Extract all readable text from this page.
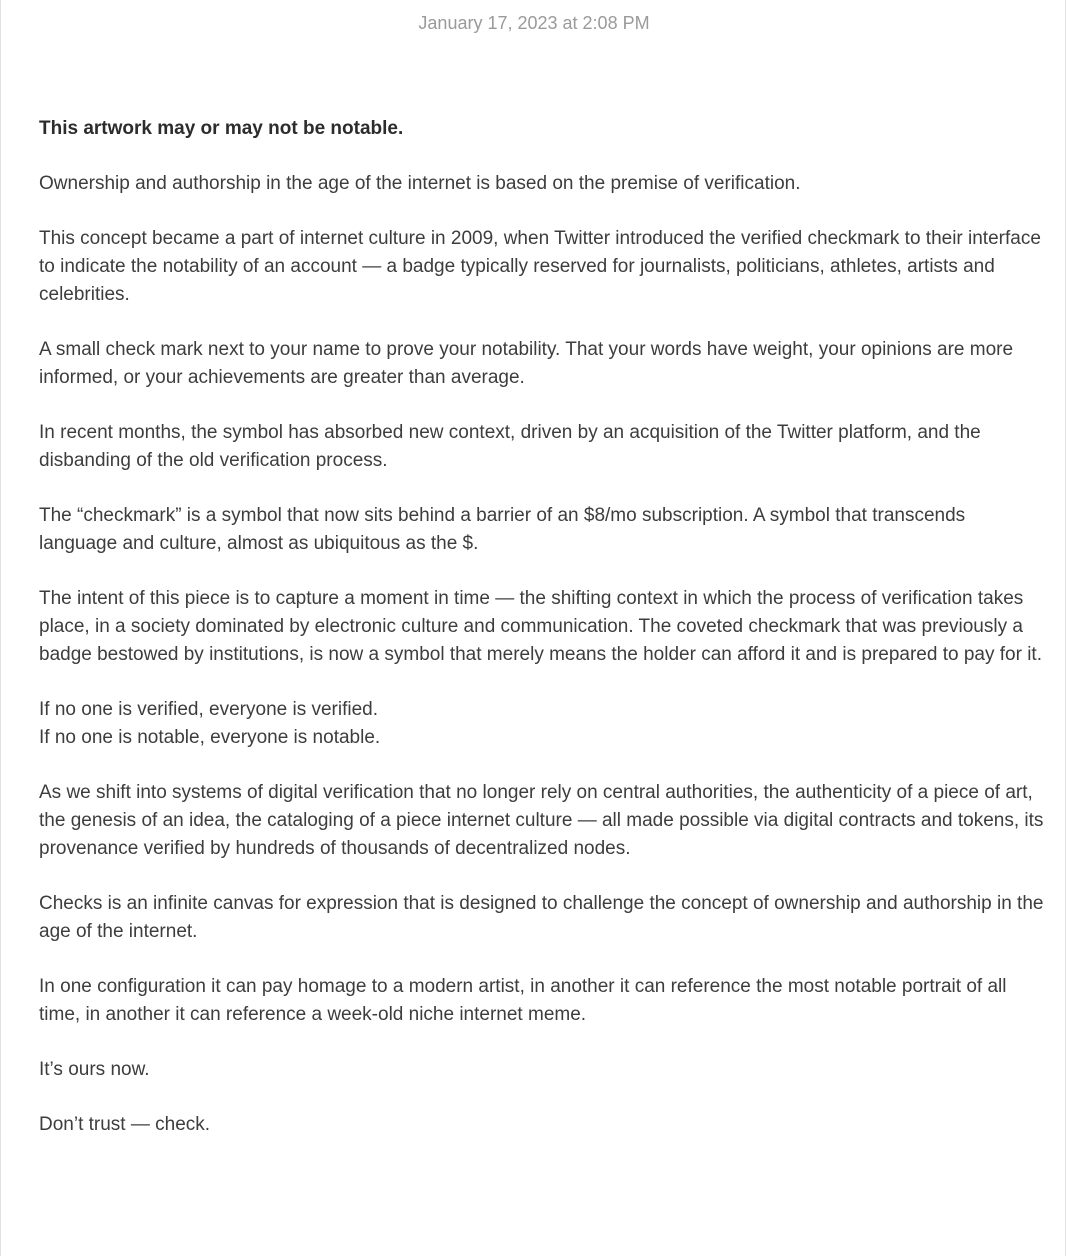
January 17, 2023 at 2:08 PM

This artwork may or may not be notable.

Ownership and authorship in the age of the internet is based on the premise of verification.

This concept became a part of internet culture in 2009, when Twitter introduced the verified checkmark to their interface to indicate the notability of an account — a badge typically reserved for journalists, politicians, athletes, artists and celebrities.

A small check mark next to your name to prove your notability. That your words have weight, your opinions are more informed, or your achievements are greater than average.

In recent months, the symbol has absorbed new context, driven by an acquisition of the Twitter platform, and the disbanding of the old verification process.

The “checkmark” is a symbol that now sits behind a barrier of an $8/mo subscription. A symbol that transcends language and culture, almost as ubiquitous as the $.

The intent of this piece is to capture a moment in time — the shifting context in which the process of verification takes place, in a society dominated by electronic culture and communication. The coveted checkmark that was previously a badge bestowed by institutions, is now a symbol that merely means the holder can afford it and is prepared to pay for it.

If no one is verified, everyone is verified.
If no one is notable, everyone is notable.

As we shift into systems of digital verification that no longer rely on central authorities, the authenticity of a piece of art, the genesis of an idea, the cataloging of a piece internet culture — all made possible via digital contracts and tokens, its provenance verified by hundreds of thousands of decentralized nodes.

Checks is an infinite canvas for expression that is designed to challenge the concept of ownership and authorship in the age of the internet.

In one configuration it can pay homage to a modern artist, in another it can reference the most notable portrait of all time, in another it can reference a week-old niche internet meme.

It’s ours now.

Don’t trust — check.
